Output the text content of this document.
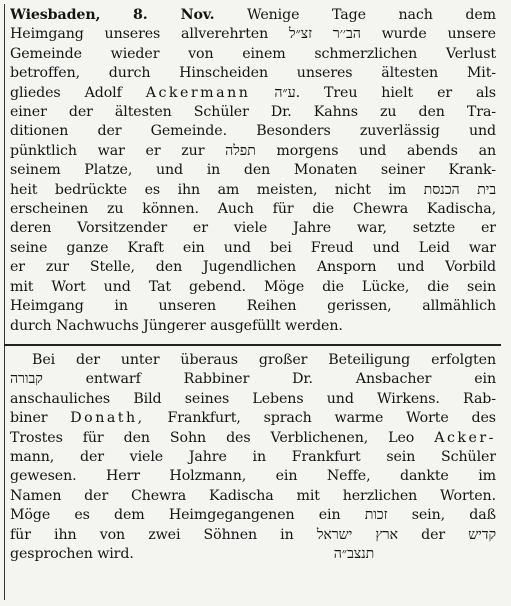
Wiesbaden, 8. Nov. Wenige Tage nach dem
Heimgang unseres allverehrten הב׳׳ר זצ״ל wurde unsere
Gemeinde wieder von einem schmerzlichen Verlust
betroffen, durch Hinscheiden unseres ältesten Mit-
gliedes Adolf Ackermann ע״ה. Treu hielt er als
einer der ältesten Schüler Dr. Kahns zu den Tra-
ditionen der Gemeinde. Besonders zuverlässig und
pünktlich war er zur תפלה morgens und abends an
seinem Platze, und in den Monaten seiner Krank-
heit bedrückte es ihn am meisten, nicht im בית הכנסת
erscheinen zu können. Auch für die Chewra Kadischa,
deren Vorsitzender er viele Jahre war, setzte er
seine ganze Kraft ein und bei Freud und Leid war
er zur Stelle, den Jugendlichen Ansporn und Vorbild
mit Wort und Tat gebend. Möge die Lücke, die sein
Heimgang in unseren Reihen gerissen, allmählich
durch Nachwuchs Jüngerer ausgefüllt werden.
Bei der unter überaus großer Beteiligung erfolgten
קבורה entwarf Rabbiner Dr. Ansbacher ein
anschauliches Bild seines Lebens und Wirkens. Rab-
biner Donath, Frankfurt, sprach warme Worte des
Trostes für den Sohn des Verblichenen, Leo Acker-
mann, der viele Jahre in Frankfurt sein Schüler
gewesen. Herr Holzmann, ein Neffe, dankte im
Namen der Chewra Kadischa mit herzlichen Worten.
Möge es dem Heimgegangenen ein זכות sein, daß
für ihn von zwei Söhnen in ארץ ישראל der קדיש
gesprochen wird.	תנצב״ה
